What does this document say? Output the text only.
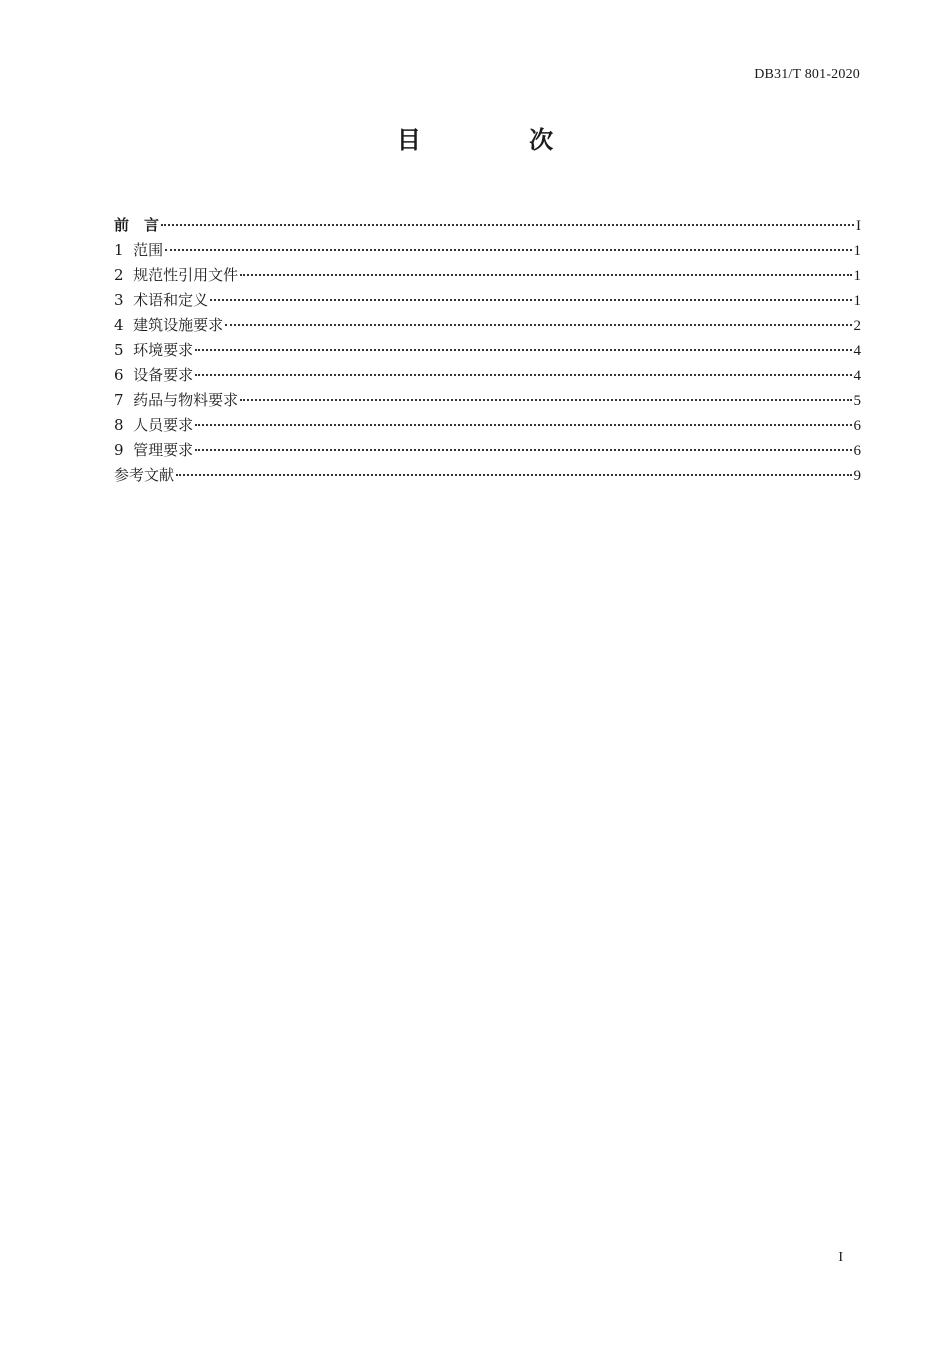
DB31/T 801-2020
目 次
前　言	I
1  范围	1
2  规范性引用文件	1
3  术语和定义	1
4  建筑设施要求	2
5  环境要求	4
6  设备要求	4
7  药品与物料要求	5
8  人员要求	6
9  管理要求	6
参考文献	9
I
